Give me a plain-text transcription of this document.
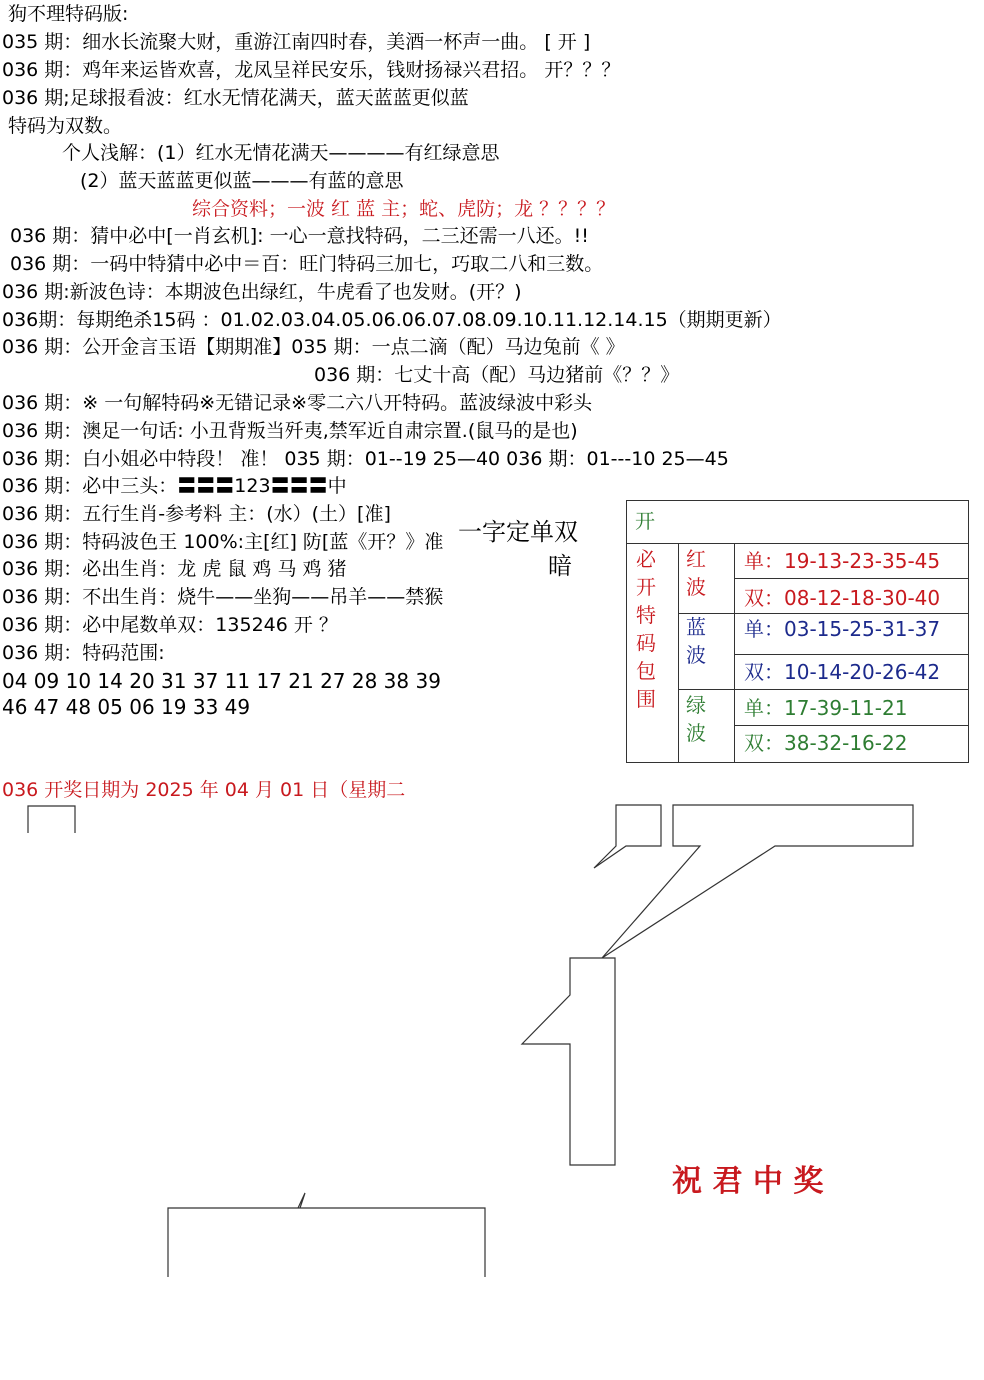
狗不理特码版:
035 期：细水长流聚大财，重游江南四时春，美酒一杯声一曲。 [ 开 ]
036 期：鸡年来运皆欢喜，龙凤呈祥民安乐，钱财扬禄兴君招。 开？？？
036 期;足球报看波：红水无情花满天，蓝天蓝蓝更似蓝
特码为双数。
个人浅解：(1）红水无情花满天————有红绿意思
(2）蓝天蓝蓝更似蓝———有蓝的意思
综合资料；一波 红 蓝 主；蛇、虎防；龙 ？？？？
036 期：猜中必中[一肖玄机]: 一心一意找特码，二三还需一八还。!!
036 期：一码中特猜中必中＝百：旺门特码三加七，巧取二八和三数。
036 期:新波色诗：本期波色出绿红，牛虎看了也发财。(开？)
036期：每期绝杀15码 ：01.02.03.04.05.06.06.07.08.09.10.11.12.14.15（期期更新）
036 期：公开金言玉语【期期准】035 期：一点二滴（配）马边兔前《 》
036 期：七丈十高（配）马边猪前《？？》
036 期：※ 一句解特码※无错记录※零二六八开特码。蓝波绿波中彩头
036 期：澳足一句话: 小丑背叛当歼夷,禁军近自肃宗置.(鼠马的是也)
036 期：白小姐必中特段！ 准！ 035 期：01--19 25—40 036 期：01---10 25—45
036 期：必中三头：〓〓〓123〓〓〓中
036 期：五行生肖-参考料 主：(水）(土）[准]
036 期：特码波色王 100%:主[红] 防[蓝《开？》准
036 期：必出生肖：龙 虎 鼠 鸡 马 鸡 猪
036 期：不出生肖：烧牛——坐狗——吊羊——禁猴
036 期：必中尾数单双：135246 开 ？
036 期：特码范围:
04 09 10 14 20 31 37 11 17 21 27 28 38 39
46 47 48 05 06 19 33 49
一字定单双
暗
036 开奖日期为 2025 年 04 月 01 日（星期二
开
必
开
特
码
包
围
红
波
蓝
波
绿
波
单：19-13-23-35-45
双：08-12-18-30-40
单：03-15-25-31-37
双：10-14-20-26-42
单：17-39-11-21
双：38-32-16-22
祝 君 中 奖
